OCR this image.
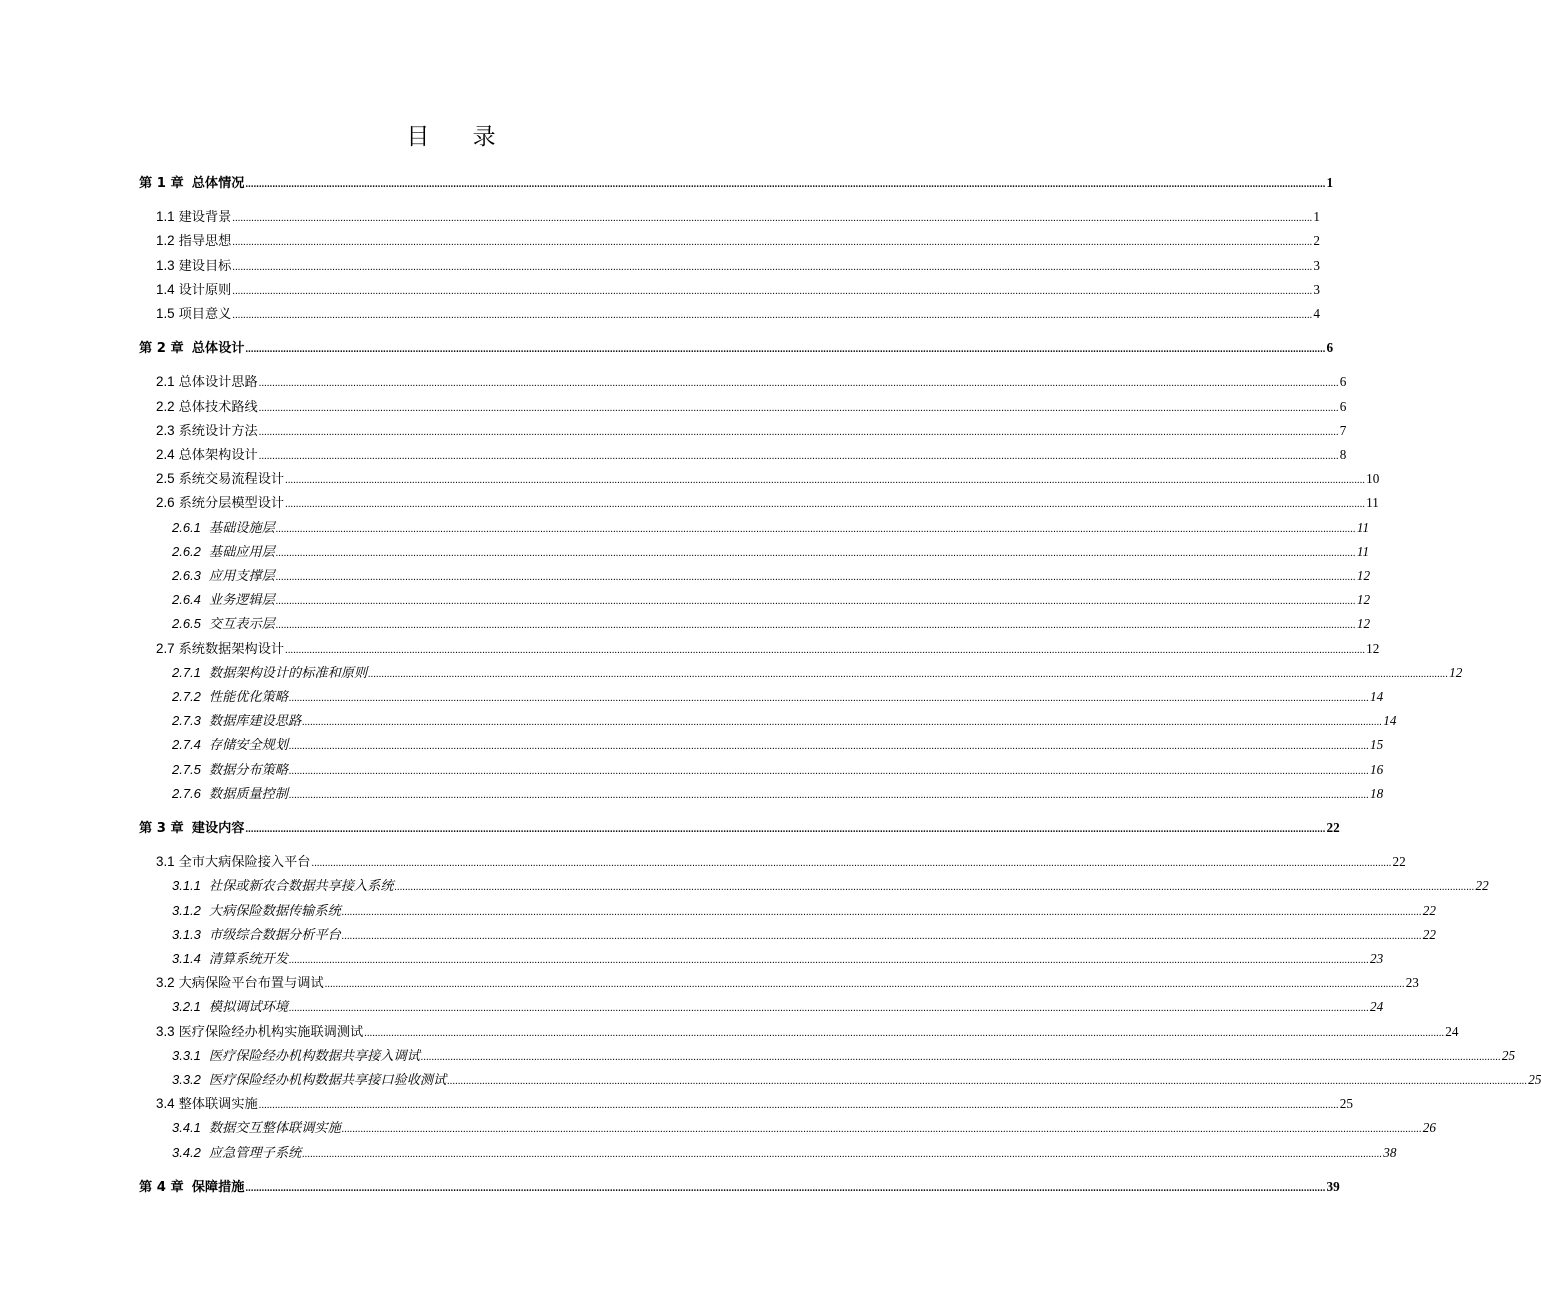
目 录
第 1 章 总体情况 ................................................................................................................................................................................................................................................................................................................................................................................................................ 1
1.1 建设背景 ................................................................................................................................................................................................................................................................................................................................................................................................................ 1
1.2 指导思想 ................................................................................................................................................................................................................................................................................................................................................................................................................ 2
1.3 建设目标 ................................................................................................................................................................................................................................................................................................................................................................................................................ 3
1.4 设计原则 ................................................................................................................................................................................................................................................................................................................................................................................................................ 3
1.5 项目意义 ................................................................................................................................................................................................................................................................................................................................................................................................................ 4
第 2 章 总体设计 ................................................................................................................................................................................................................................................................................................................................................................................................................ 6
2.1 总体设计思路 ................................................................................................................................................................................................................................................................................................................................................................................................................ 6
2.2 总体技术路线 ................................................................................................................................................................................................................................................................................................................................................................................................................ 6
2.3 系统设计方法 ................................................................................................................................................................................................................................................................................................................................................................................................................ 7
2.4 总体架构设计 ................................................................................................................................................................................................................................................................................................................................................................................................................ 8
2.5 系统交易流程设计 ................................................................................................................................................................................................................................................................................................................................................................................................................ 10
2.6 系统分层模型设计 ................................................................................................................................................................................................................................................................................................................................................................................................................ 11
2.6.1 基础设施层 ................................................................................................................................................................................................................................................................................................................................................................................................................ 11
2.6.2 基础应用层 ................................................................................................................................................................................................................................................................................................................................................................................................................ 11
2.6.3 应用支撑层 ................................................................................................................................................................................................................................................................................................................................................................................................................ 12
2.6.4 业务逻辑层 ................................................................................................................................................................................................................................................................................................................................................................................................................ 12
2.6.5 交互表示层 ................................................................................................................................................................................................................................................................................................................................................................................................................ 12
2.7 系统数据架构设计 ................................................................................................................................................................................................................................................................................................................................................................................................................ 12
2.7.1 数据架构设计的标准和原则 ................................................................................................................................................................................................................................................................................................................................................................................................................ 12
2.7.2 性能优化策略 ................................................................................................................................................................................................................................................................................................................................................................................................................ 14
2.7.3 数据库建设思路 ................................................................................................................................................................................................................................................................................................................................................................................................................ 14
2.7.4 存储安全规划 ................................................................................................................................................................................................................................................................................................................................................................................................................ 15
2.7.5 数据分布策略 ................................................................................................................................................................................................................................................................................................................................................................................................................ 16
2.7.6 数据质量控制 ................................................................................................................................................................................................................................................................................................................................................................................................................ 18
第 3 章 建设内容 ................................................................................................................................................................................................................................................................................................................................................................................................................ 22
3.1 全市大病保险接入平台 ................................................................................................................................................................................................................................................................................................................................................................................................................ 22
3.1.1 社保或新农合数据共享接入系统 ................................................................................................................................................................................................................................................................................................................................................................................................................ 22
3.1.2 大病保险数据传输系统 ................................................................................................................................................................................................................................................................................................................................................................................................................ 22
3.1.3 市级综合数据分析平台 ................................................................................................................................................................................................................................................................................................................................................................................................................ 22
3.1.4 清算系统开发 ................................................................................................................................................................................................................................................................................................................................................................................................................ 23
3.2 大病保险平台布置与调试 ................................................................................................................................................................................................................................................................................................................................................................................................................ 23
3.2.1 模拟调试环境 ................................................................................................................................................................................................................................................................................................................................................................................................................ 24
3.3 医疗保险经办机构实施联调测试 ................................................................................................................................................................................................................................................................................................................................................................................................................ 24
3.3.1 医疗保险经办机构数据共享接入调试 ................................................................................................................................................................................................................................................................................................................................................................................................................ 25
3.3.2 医疗保险经办机构数据共享接口验收测试 ................................................................................................................................................................................................................................................................................................................................................................................................................ 25
3.4 整体联调实施 ................................................................................................................................................................................................................................................................................................................................................................................................................ 25
3.4.1 数据交互整体联调实施 ................................................................................................................................................................................................................................................................................................................................................................................................................ 26
3.4.2 应急管理子系统 ................................................................................................................................................................................................................................................................................................................................................................................................................ 38
第 4 章 保障措施 ................................................................................................................................................................................................................................................................................................................................................................................................................ 39
